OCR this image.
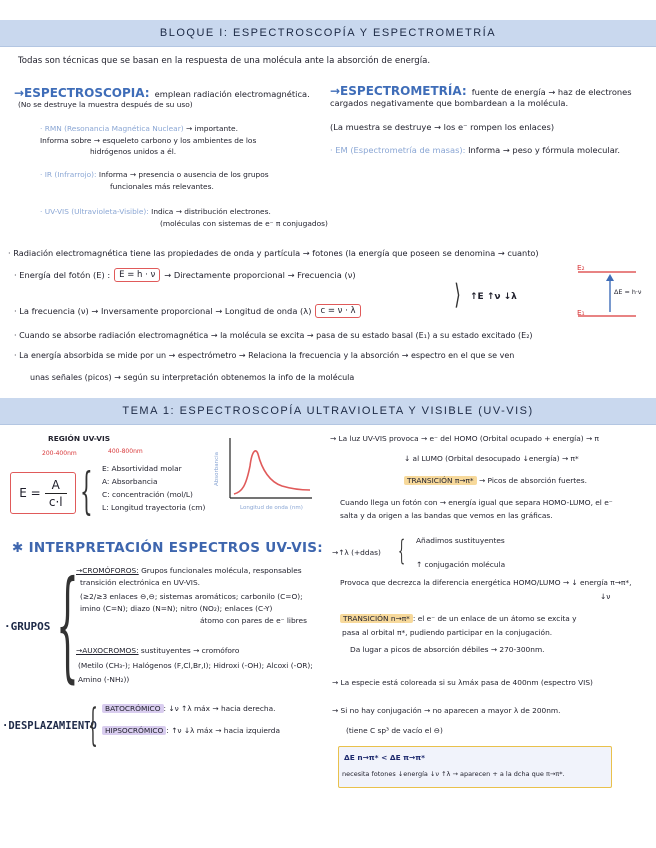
BLOQUE I: ESPECTROSCOPÍA Y ESPECTROMETRÍA
Todas son técnicas que se basan en la respuesta de una molécula ante la absorción de energía.
→ESPECTROSCOPIA: emplean radiación electromagnética.
(No se destruye la muestra después de su uso)
· RMN (Resonancia Magnética Nuclear) → importante.
Informa sobre → esqueleto carbono y los ambientes de los
hidrógenos unidos a él.
· IR (Infrarrojo): Informa → presencia o ausencia de los grupos
funcionales más relevantes.
· UV-VIS (Ultravioleta-Visible): Indica → distribución electrones.
(moléculas con sistemas de e⁻ π conjugados)
→ESPECTROMETRÍA: fuente de energía → haz de electrones
cargados negativamente que bombardean a la molécula.
(La muestra se destruye → los e⁻ rompen los enlaces)
· EM (Espectrometría de masas): Informa → peso y fórmula molecular.
· Radiación electromagnética tiene las propiedades de onda y partícula → fotones (la energía que poseen se denomina → cuanto)
· Energía del fotón (E) :	E = h · ν	→ Directamente proporcional → Frecuencia (ν)
· La frecuencia (ν) → Inversamente proporcional → Longitud de onda (λ)	c = ν · λ	⟩ ↑E ↑ν ↓λ
E₂
E₁
ΔE = h·ν
· Cuando se absorbe radiación electromagnética → la molécula se excita → pasa de su estado basal (E₁) a su estado excitado (E₂)
· La energía absorbida se mide por un → espectrómetro → Relaciona la frecuencia y la absorción → espectro en el que se ven
unas señales (picos) → según su interpretación obtenemos la info de la molécula
TEMA 1: ESPECTROSCOPÍA ULTRAVIOLETA Y VISIBLE (UV-VIS)
REGIÓN UV-VIS
200-400nm	400-800nm
$E = \frac{A}{c\cdot l}$ { E: Absortividad molar
A: Absorbancia
C: concentración (mol/L)
L: Longitud trayectoria (cm)
Absorbancia
Longitud de onda (nm)
✱ INTERPRETACIÓN ESPECTROS UV-VIS:
·GRUPOS {
→CROMÓFOROS: Grupos funcionales molécula, responsables
transición electrónica en UV-VIS.
(≥2/≥3 enlaces ⊖,⊖; sistemas aromáticos; carbonilo (C=O);
imino (C=N); diazo (N=N); nitro (NO₂); enlaces (C-Y)
átomo con pares de e⁻ libres
→AUXOCROMOS: sustituyentes → cromóforo
(Metilo (CH₃-); Halógenos (F,Cl,Br,I); Hidroxi (-OH); Alcoxi (-OR);
Amino (-NH₂))
·DESPLAZAMIENTO
{ BATOCRÓMICO : ↓ν ↑λ máx → hacia derecha.
HIPSOCRÓMICO : ↑ν ↓λ máx → hacia izquierda
→ La luz UV-VIS provoca → e⁻ del HOMO (Orbital ocupado + energía) → π
↓ al LUMO (Orbital desocupado ↓energía) → π*
TRANSICIÓN π→π* → Picos de absorción fuertes.
Cuando llega un fotón con → energía igual que separa HOMO-LUMO, el e⁻
salta y da origen a las bandas que vemos en las gráficas.
Añadimos sustituyentes
→↑λ (+ddas) { ↑ conjugación molécula
Provoca que decrezca la diferencia energética HOMO/LUMO → ↓ energía π→π*,
↓ν
TRANSICIÓN n→π* : el e⁻ de un enlace de un átomo se excita y
pasa al orbital π*, pudiendo participar en la conjugación.
Da lugar a picos de absorción débiles → 270-300nm.
→ La especie está coloreada si su λmáx pasa de 400nm (espectro VIS)
→ Si no hay conjugación → no aparecen a mayor λ de 200nm.
(tiene C sp³ de vacío el ⊖)
ΔE n→π* < ΔE π→π*
necesita fotones ↓energía ↓ν ↑λ → aparecen + a la dcha que π→π*.
